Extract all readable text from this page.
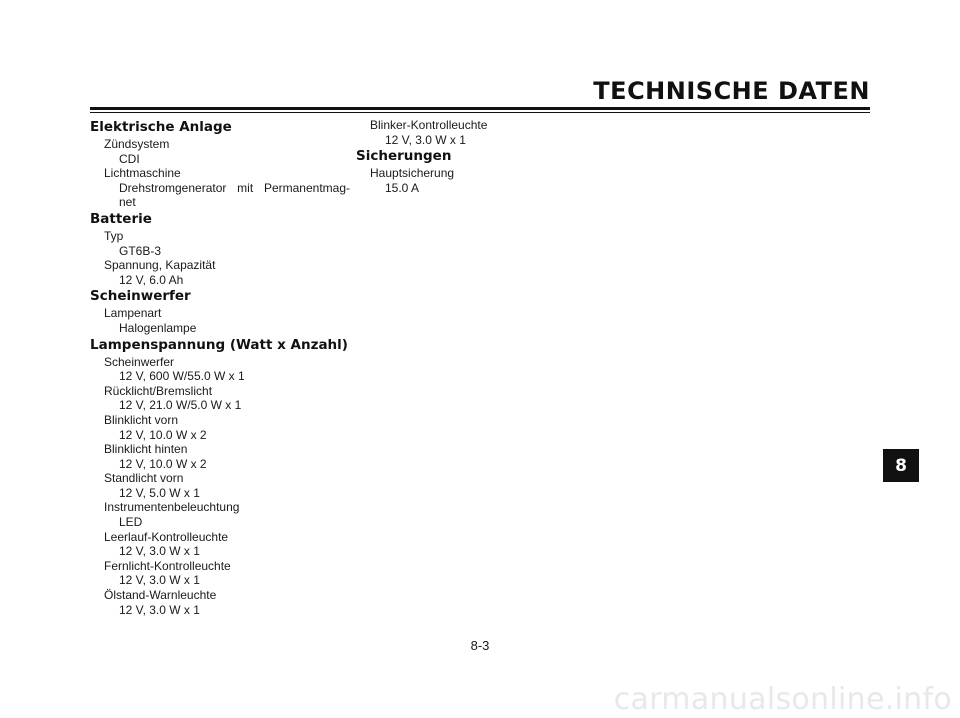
TECHNISCHE DATEN
Elektrische Anlage
Zündsystem
CDI
Lichtmaschine
Drehstromgenerator mit Permanentmag-
net
Batterie
Typ
GT6B-3
Spannung, Kapazität
12 V, 6.0 Ah
Scheinwerfer
Lampenart
Halogenlampe
Lampenspannung (Watt x Anzahl)
Scheinwerfer
12 V, 600 W/55.0 W x 1
Rücklicht/Bremslicht
12 V, 21.0 W/5.0 W x 1
Blinklicht vorn
12 V, 10.0 W x 2
Blinklicht hinten
12 V, 10.0 W x 2
Standlicht vorn
12 V, 5.0 W x 1
Instrumentenbeleuchtung
LED
Leerlauf-Kontrolleuchte
12 V, 3.0 W x 1
Fernlicht-Kontrolleuchte
12 V, 3.0 W x 1
Ölstand-Warnleuchte
12 V, 3.0 W x 1
Blinker-Kontrolleuchte
12 V, 3.0 W x 1
Sicherungen
Hauptsicherung
15.0 A
8
8-3
carmanualsonline.info
